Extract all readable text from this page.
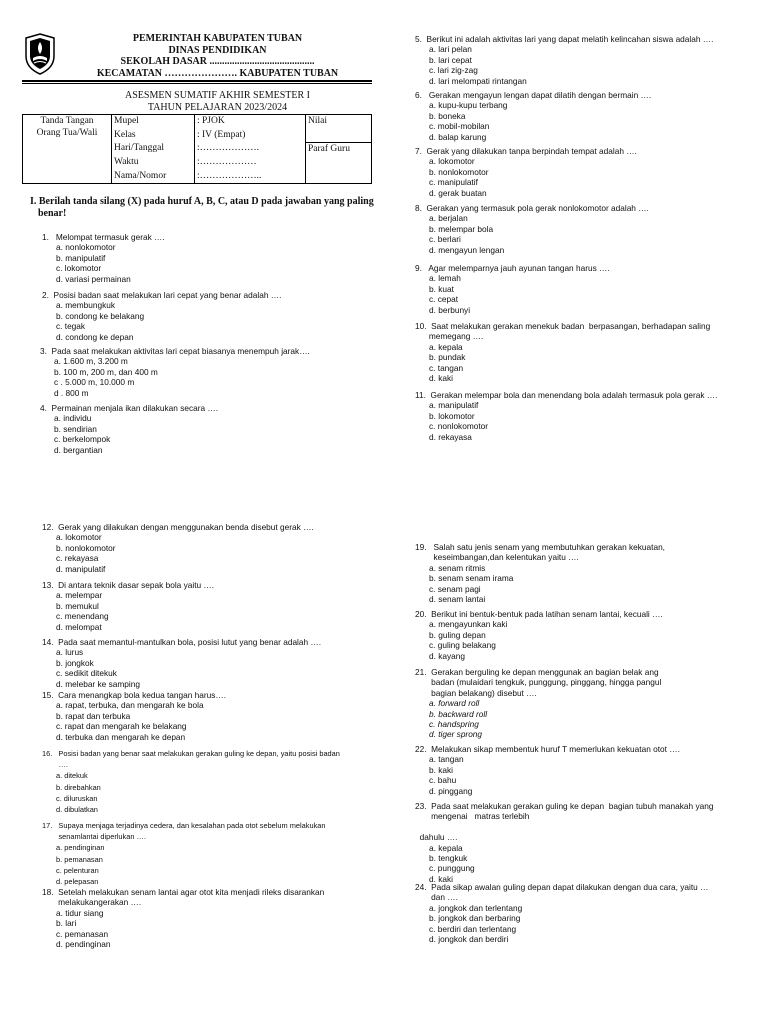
PEMERINTAH KABUPATEN TUBAN
DINAS PENDIDIKAN
SEKOLAH DASAR ..........................................
KECAMATAN …………………. KABUPATEN TUBAN
ASESMEN SUMATIF AKHIR SEMESTER I
TAHUN PELAJARAN 2023/2024
Tanda Tangan
Orang Tua/Wali	Mupel	: PJOK	Nilai
	Kelas	: IV (Empat)	
	Hari/Tanggal	:……………….	Paraf Guru
	Waktu	:………………	
	Nama/Nomor	:………………..	
I. Berilah tanda silang (X) pada huruf A, B, C, atau D pada jawaban yang paling benar!
1.   Melompat termasuk gerak ….
a. nonlokomotor
b. manipulatif
c. lokomotor
d. variasi permainan
2.  Posisi badan saat melakukan lari cepat yang benar adalah ….
a. membungkuk
b. condong ke belakang
c. tegak
d. condong ke depan
3.  Pada saat melakukan aktivitas lari cepat biasanya menempuh jarak….
a. 1.600 m, 3.200 m
b. 100 m, 200 m, dan 400 m
c . 5.000 m, 10.000 m
d . 800 m
4.  Permainan menjala ikan dilakukan secara ….
a. individu
b. sendirian
c. berkelompok
d. bergantian
5.  Berikut ini adalah aktivitas lari yang dapat melatih kelincahan siswa adalah ….
a. lari pelan
b. lari cepat
c. lari zig-zag
d. lari melompati rintangan
6.   Gerakan mengayun lengan dapat dilatih dengan bermain ….
a. kupu-kupu terbang
b. boneka
c. mobil-mobilan
d. balap karung
7.  Gerak yang dilakukan tanpa berpindah tempat adalah ….
a. lokomotor
b. nonlokomotor
c. manipulatif
d. gerak buatan
8.  Gerakan yang termasuk pola gerak nonlokomotor adalah ….
a. berjalan
b. melempar bola
c. berlari
d. mengayun lengan
9.   Agar melemparnya jauh ayunan tangan harus ….
a. lemah
b. kuat
c. cepat
d. berbunyi
10.  Saat melakukan gerakan menekuk badan  berpasangan, berhadapan saling
memegang ….
a. kepala
b. pundak
c. tangan
d. kaki
11.  Gerakan melempar bola dan menendang bola adalah termasuk pola gerak ….
a. manipulatif
b. lokomotor
c. nonlokomotor
d. rekayasa
12.  Gerak yang dilakukan dengan menggunakan benda disebut gerak ….
a. lokomotor
b. nonlokomotor
c. rekayasa
d. manipulatif
13.  Di antara teknik dasar sepak bola yaitu ….
a. melempar
b. memukul
c. menendang
d. melompat
14.  Pada saat memantul-mantulkan bola, posisi lutut yang benar adalah ….
a. lurus
b. jongkok
c. sedikit ditekuk
d. melebar ke samping
15.  Cara menangkap bola kedua tangan harus….
a. rapat, terbuka, dan mengarah ke bola
b. rapat dan terbuka
c. rapat dan mengarah ke belakang
d. terbuka dan mengarah ke depan
16.   Posisi badan yang benar saat melakukan gerakan guling ke depan, yaitu posisi badan
….
a. ditekuk
b. direbahkan
c. diluruskan
d. dibulatkan
17.   Supaya menjaga terjadinya cedera, dan kesalahan pada otot sebelum melakukan
senamlantai diperlukan ….
a. pendinginan
b. pemanasan
c. pelenturan
d. pelepasan
18.  Setelah melakukan senam lantai agar otot kita menjadi rileks disarankan
melakukangerakan ….
a. tidur siang
b. lari
c. pemanasan
d. pendinginan
19.   Salah satu jenis senam yang membutuhkan gerakan kekuatan,
keseimbangan,dan kelentukan yaitu ….
a. senam ritmis
b. senam senam irama
c. senam pagi
d. senam lantai
20.  Berikut ini bentuk-bentuk pada latihan senam lantai, kecuali ….
a. mengayunkan kaki
b. guling depan
c. guling belakang
d. kayang
21.  Gerakan berguling ke depan menggunak an bagian belak ang
badan (mulaidari tengkuk, punggung, pinggang, hingga pangul
bagian belakang) disebut ….
a. forward roll
b. backward roll
c. handspring
d. tiger sprong
22.  Melakukan sikap membentuk huruf T memerlukan kekuatan otot ….
a. tangan
b. kaki
c. bahu
d. pinggang
23.  Pada saat melakukan gerakan guling ke depan  bagian tubuh manakah yang
mengenai   matras terlebih

dahulu ….
a. kepala
b. tengkuk
c. punggung
d. kaki
24.  Pada sikap awalan guling depan dapat dilakukan dengan dua cara, yaitu …
dan ….
a. jongkok dan terlentang
b. jongkok dan berbaring
c. berdiri dan terlentang
d. jongkok dan berdiri
